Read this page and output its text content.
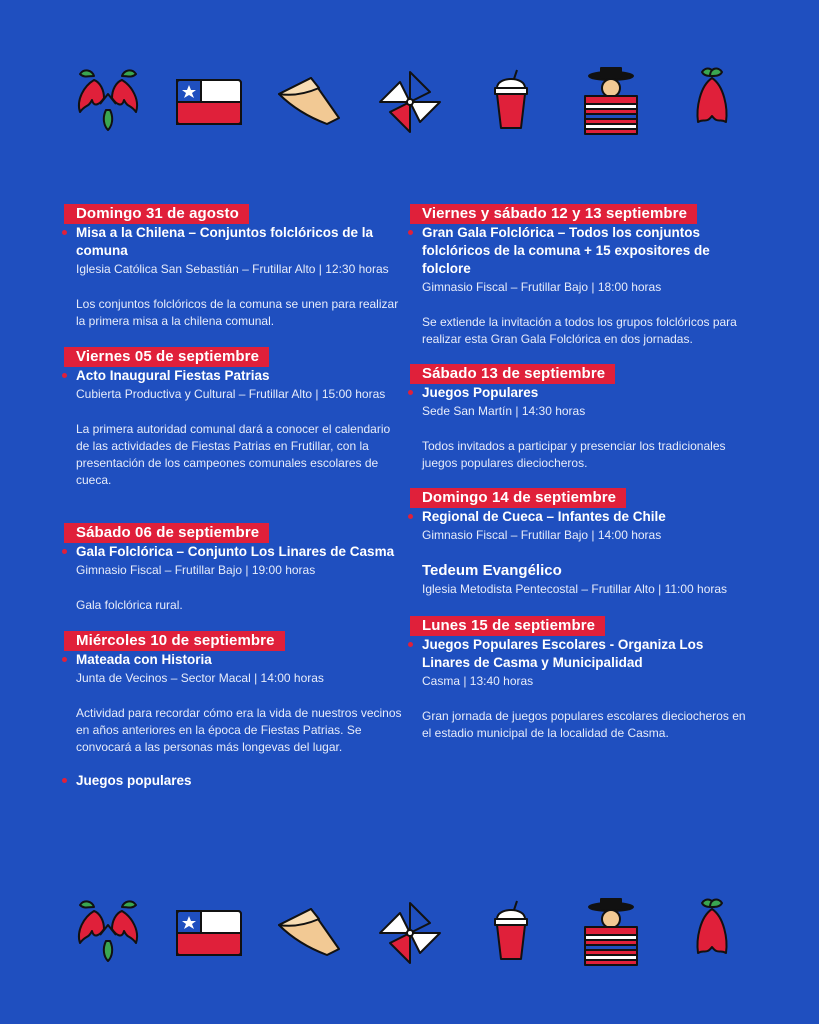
Domingo 31 de agosto
Misa a la Chilena – Conjuntos folclóricos de la comuna
Iglesia Católica San Sebastián – Frutillar Alto | 12:30 horas
Los conjuntos folclóricos de la comuna se unen para realizar la primera misa a la chilena comunal.
Viernes 05 de septiembre
Acto Inaugural Fiestas Patrias
Cubierta Productiva y Cultural – Frutillar Alto | 15:00 horas
La primera autoridad comunal dará a conocer el calendario de las actividades de Fiestas Patrias en Frutillar, con la presentación de los campeones comunales escolares de cueca.
Sábado 06 de septiembre
Gala Folclórica – Conjunto Los Linares de Casma
Gimnasio Fiscal – Frutillar Bajo | 19:00 horas
Gala folclórica rural.
Miércoles 10 de septiembre
Mateada con Historia
Junta de Vecinos – Sector Macal | 14:00 horas
Actividad para recordar cómo era la vida de nuestros vecinos en años anteriores en la época de Fiestas Patrias. Se convocará a las personas más longevas del lugar.
Juegos populares
Viernes y sábado 12 y 13 septiembre
Gran Gala Folclórica – Todos los conjuntos folclóricos de la comuna + 15 expositores de folclore
Gimnasio Fiscal – Frutillar Bajo | 18:00 horas
Se extiende la invitación a todos los grupos folclóricos para realizar esta Gran Gala Folclórica en dos jornadas.
Sábado 13 de septiembre
Juegos Populares
Sede San Martín | 14:30 horas
Todos invitados a participar y presenciar los tradicionales juegos populares dieciocheros.
Domingo 14 de septiembre
Regional de Cueca – Infantes de Chile
Gimnasio Fiscal – Frutillar Bajo | 14:00 horas
Tedeum Evangélico
Iglesia Metodista Pentecostal – Frutillar Alto | 11:00 horas
Lunes 15 de septiembre
Juegos Populares Escolares - Organiza Los Linares de Casma y Municipalidad
Casma | 13:40 horas
Gran jornada de juegos populares escolares dieciocheros en el estadio municipal de la localidad de Casma.
